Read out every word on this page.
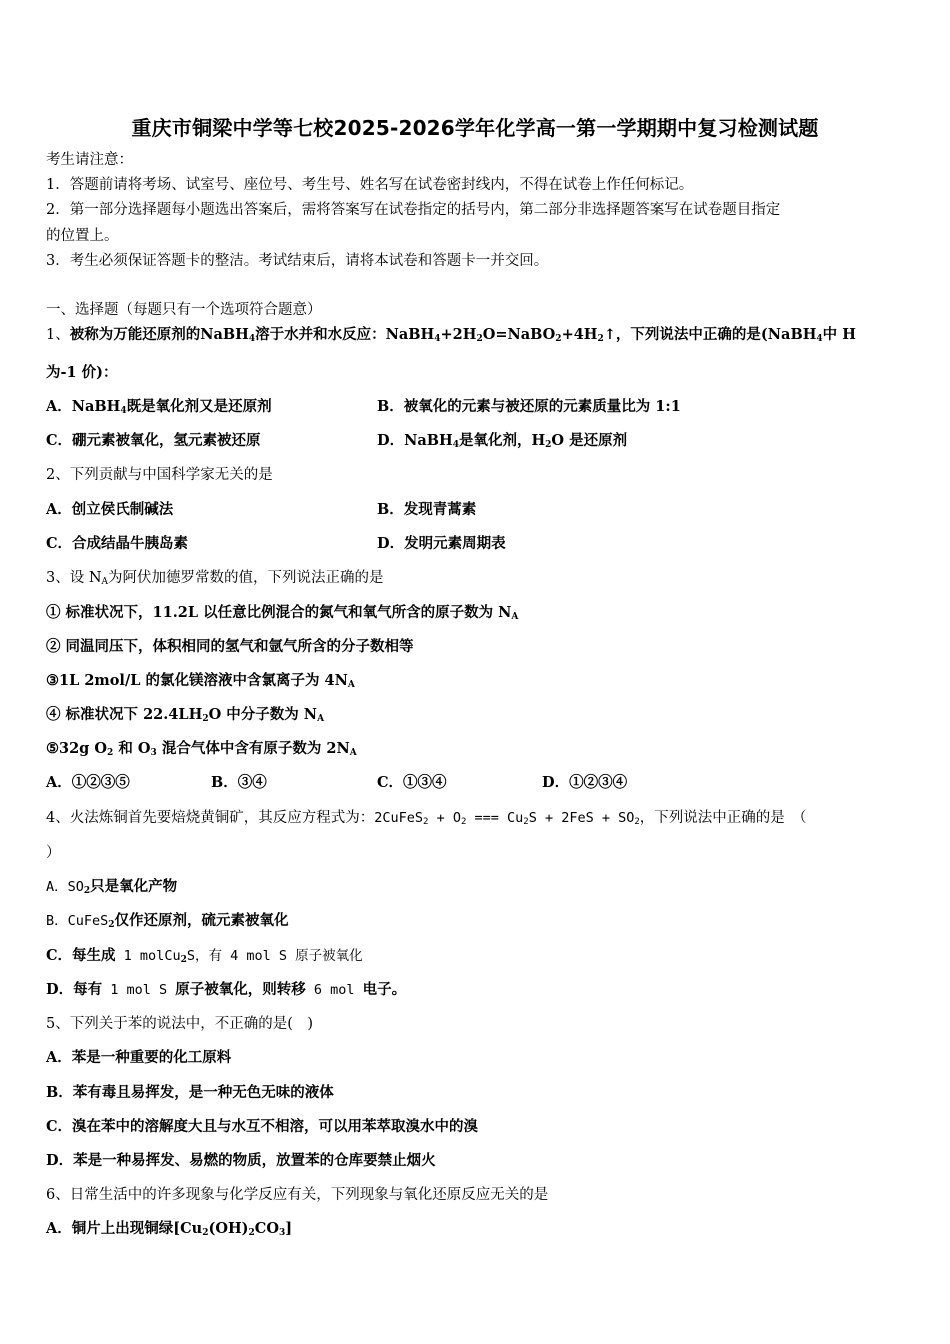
重庆市铜梁中学等七校2025-2026学年化学高一第一学期期中复习检测试题
考生请注意：
1．答题前请将考场、试室号、座位号、考生号、姓名写在试卷密封线内，不得在试卷上作任何标记。
2．第一部分选择题每小题选出答案后，需将答案写在试卷指定的括号内，第二部分非选择题答案写在试卷题目指定
的位置上。
3．考生必须保证答题卡的整洁。考试结束后，请将本试卷和答题卡一并交回。
一、选择题（每题只有一个选项符合题意）
1、被称为万能还原剂的NaBH$_4$溶于水并和水反应：$NaBH_4+2H_2O=NaBO_2+4H_2↑$，下列说法中正确的是(NaBH$_4$中 H
为-1 价)：
A．NaBH$_4$既是氧化剂又是还原剂	B．被氧化的元素与被还原的元素质量比为 1:1
C．硼元素被氧化，氢元素被还原	D．NaBH$_4$是氧化剂，$H_2O$ 是还原剂
2、下列贡献与中国科学家无关的是
A．创立侯氏制碱法	B．发现青蒿素
C．合成结晶牛胰岛素	D．发明元素周期表
3、设 $N_A$为阿伏加德罗常数的值，下列说法正确的是
① 标准状况下，11.2L 以任意比例混合的氮气和氧气所含的原子数为 $N_A$
② 同温同压下，体积相同的氢气和氩气所含的分子数相等
③1L 2mol/L 的氯化镁溶液中含氯离子为 $4N_A$
④ 标准状况下 $22.4LH_2O$ 中分子数为 $N_A$
⑤32g $O_2$ 和 $O_3$ 混合气体中含有原子数为 $2N_A$
A．①②③⑤	B．③④	C．①③④	D．①②③④
4、火法炼铜首先要焙烧黄铜矿，其反应方程式为：2CuFeS$_2$ + $O_2$ === $Cu_2S + 2FeS + SO_2$，下列说法中正确的是　（
）
A．$SO_2$只是氧化产物
B．CuFeS$_2$仅作还原剂，硫元素被氧化
C．每生成 1 molCu$_2$S，有 4 mol S 原子被氧化
D．每有 1 mol S 原子被氧化，则转移 6 mol 电子。
5、下列关于苯的说法中，不正确的是(　)
A．苯是一种重要的化工原料
B．苯有毒且易挥发，是一种无色无味的液体
C．溴在苯中的溶解度大且与水互不相溶，可以用苯萃取溴水中的溴
D．苯是一种易挥发、易燃的物质，放置苯的仓库要禁止烟火
6、日常生活中的许多现象与化学反应有关，下列现象与氧化还原反应无关的是
A．铜片上出现铜绿$[Cu_2(OH)_2CO_3]$
